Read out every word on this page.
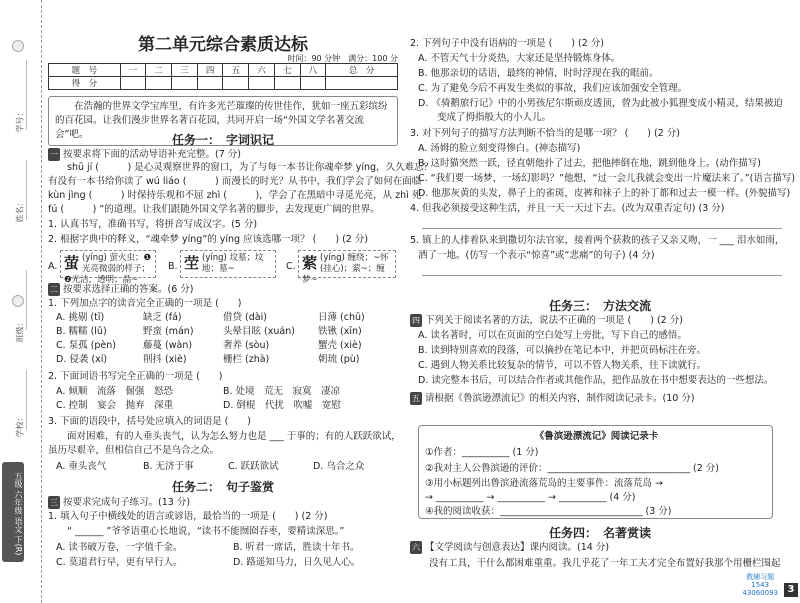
学号：
姓名：
班级：
学校：
五级 六年级 语文 下(R)
第二单元综合素质达标
时间：90 分钟　满分：100 分
题　号	一	二	三	四	五	六	七	八	总　分
得　分									
　　在浩瀚的世界文学宝库里，有许多光芒璀璨的传世佳作，犹如一座五彩缤纷的百花园。让我们漫步世界名著百花园，共同开启一场“外国文学名著交流会”吧。	任务一：　字词识记
一 按要求将下面的活动导语补充完整。(7 分)
　　shū jí (　　　) 是心灵观察世界的窗口，为了与每一本书让你魂牵梦 yíng，久久难忘？
有没有一本书给你读了 wú liáo (　　　) 而漫长的时光？从书中，我们学会了如何在面临
kùn jìng (　　　) 时保持乐观和不屈 zhì (　　　)，学会了在黑暗中寻觅光亮，从 zhì 死
fú (　　　) ”的道理。让我们跟随外国文学名著的脚步，去发现更广阔的世界。
1. 认真书写，准确书写，将拼音写成汉字。(5 分)
2. 根据字典中的释义，“魂牵梦 yíng”的 yíng 应该选哪一项？ (　　) (2 分)
A. 萤 (yíng) 萤火虫；❶光亮微弱的样子；❷光洁，透明；晶~
B. 茔 (yíng) 坟墓；坟地；墓~	C. 萦 (yíng) 缠绕；~怀(挂心)；萦~；缠梦~
二 按要求选择正确的答案。(6 分)
1. 下列加点字的读音完全正确的一项是 (　　)
A. 挑剔 (tī)	缺乏 (fá)	借贷 (dài)	日薄 (chū)
B. 糯糯 (lǔ)	野蛮 (mán)	头晕目眩 (xuán) 铁锹 (xīn)
C. 泵孤 (pèn)	藤蔓 (wàn)	奢养 (sòu)	蟹壳 (xiè)
D. 侵袭 (xí)	削抖 (xiè)	栅栏 (zhà)	朝琉 (pù)
2. 下面词语书写完全正确的一项是 (　　)
A. 倾顺　流落　倔强　怒恐	B. 处境　荒无　寂寞　凄凉
C. 控制　宴会　抛弃　深重	D. 倒棍　代扰　吹嘘　宽慰
3. 下面的语段中，括号处应填入的词语是 (　　)
　　面对困难，有的人垂头丧气，认为怎么努力也是 ___ 于事的；有的人跃跃欲试，
虽历尽艰辛，但相信自己不是乌合之众。
A. 垂头丧气	B. 无济于事	C. 跃跃欲试	D. 乌合之众
任务二：　句子鉴赏
三 按要求完成句子练习。(13 分)
1. 填入句子中横线处的语言或谚语，最恰当的一项是 (　　) (2 分)
　　“ ______ ”爷爷语重心长地说，“读书不能囫囵吞枣，要精读深思。”
A. 读书破万卷，一字值千金。	B. 听君一席话，胜读十年书。
C. 莫道君行早，更有早行人。	D. 路遥知马力，日久见人心。
2. 下列句子中没有语病的一项是 (　　) (2 分)
A. 不管天气十分炎热，大家还是坚持锻炼身体。
B. 他那亲切的话语，最终的神情，时时浮现在我的眼前。
C. 为了避免今后不再发生类似的事故，我们应该加强安全管理。
D. 《骑鹅旅行记》中的小男孩尼尔斯顽皮透顶，曾为此被小狐狸变成小精灵，结果被迫
　　变成了拇指般大的小人儿。
3. 对下列句子的描写方法判断不恰当的是哪一项？ (　　) (2 分)
A. 汤姆的脸立刻变得惨白。(神态描写)
B. 这时猫突然一跃，径直朝他扑了过去，把他摔倒在地，跳到他身上。(动作描写)
C. “我们要一场梦，一场幻影吗？”他想，“过一会儿我就会变出一片魔法来了。”(语言描写)
D. 他那灰黄的头发，鼻子上的雀斑，皮裤和袜子上的补丁都和过去一模一样。(外貌描写)
4. 但我必须接受这种生活，并且一天一天过下去。(改为双重否定句) (3 分)
5. 镇上的人排着队来到撒切尔法官家，接着两个获救的孩子又亲又吻，一 ___ 泪水如雨，
洒了一地。(仿写一个表示“惊喜”或“悲痛”的句子) (4 分)
任务三：　方法交流
四 下列关于阅读名著的方法，说法不正确的一项是 (　　) (2 分)
A. 读名著时，可以在页面的空白处写上旁批，写下自己的感悟。
B. 读到特别喜欢的段落，可以摘抄在笔记本中，并把页码标注在旁。
C. 遇到人物关系比较复杂的情节，可以不管人物关系，往下读就行。
D. 读完整本书后，可以结合作者或其他作品，把作品放在书中想要表达的一些想法。
五 请根据《鲁滨逊漂流记》的相关内容，制作阅读记录卡。(10 分)
《鲁滨逊漂流记》阅读记录卡
①作者：__________ (1 分)
②我对主人公鲁滨逊的评价：______________________________ (2 分)
③用小标题列出鲁滨逊流落荒岛的主要事件：流落荒岛 →
→ __________ → __________ → __________ (4 分)
④我的阅读收获：______________________________ (3 分)
任务四：　名著赏读
六 【文学阅读与创意表达】课内阅读。(14 分)
　　没有工具，干什么都困难重重。我几乎花了一年工夫才完全布置好我那个用栅栏围起
教辅习题
1543
43060093 3
